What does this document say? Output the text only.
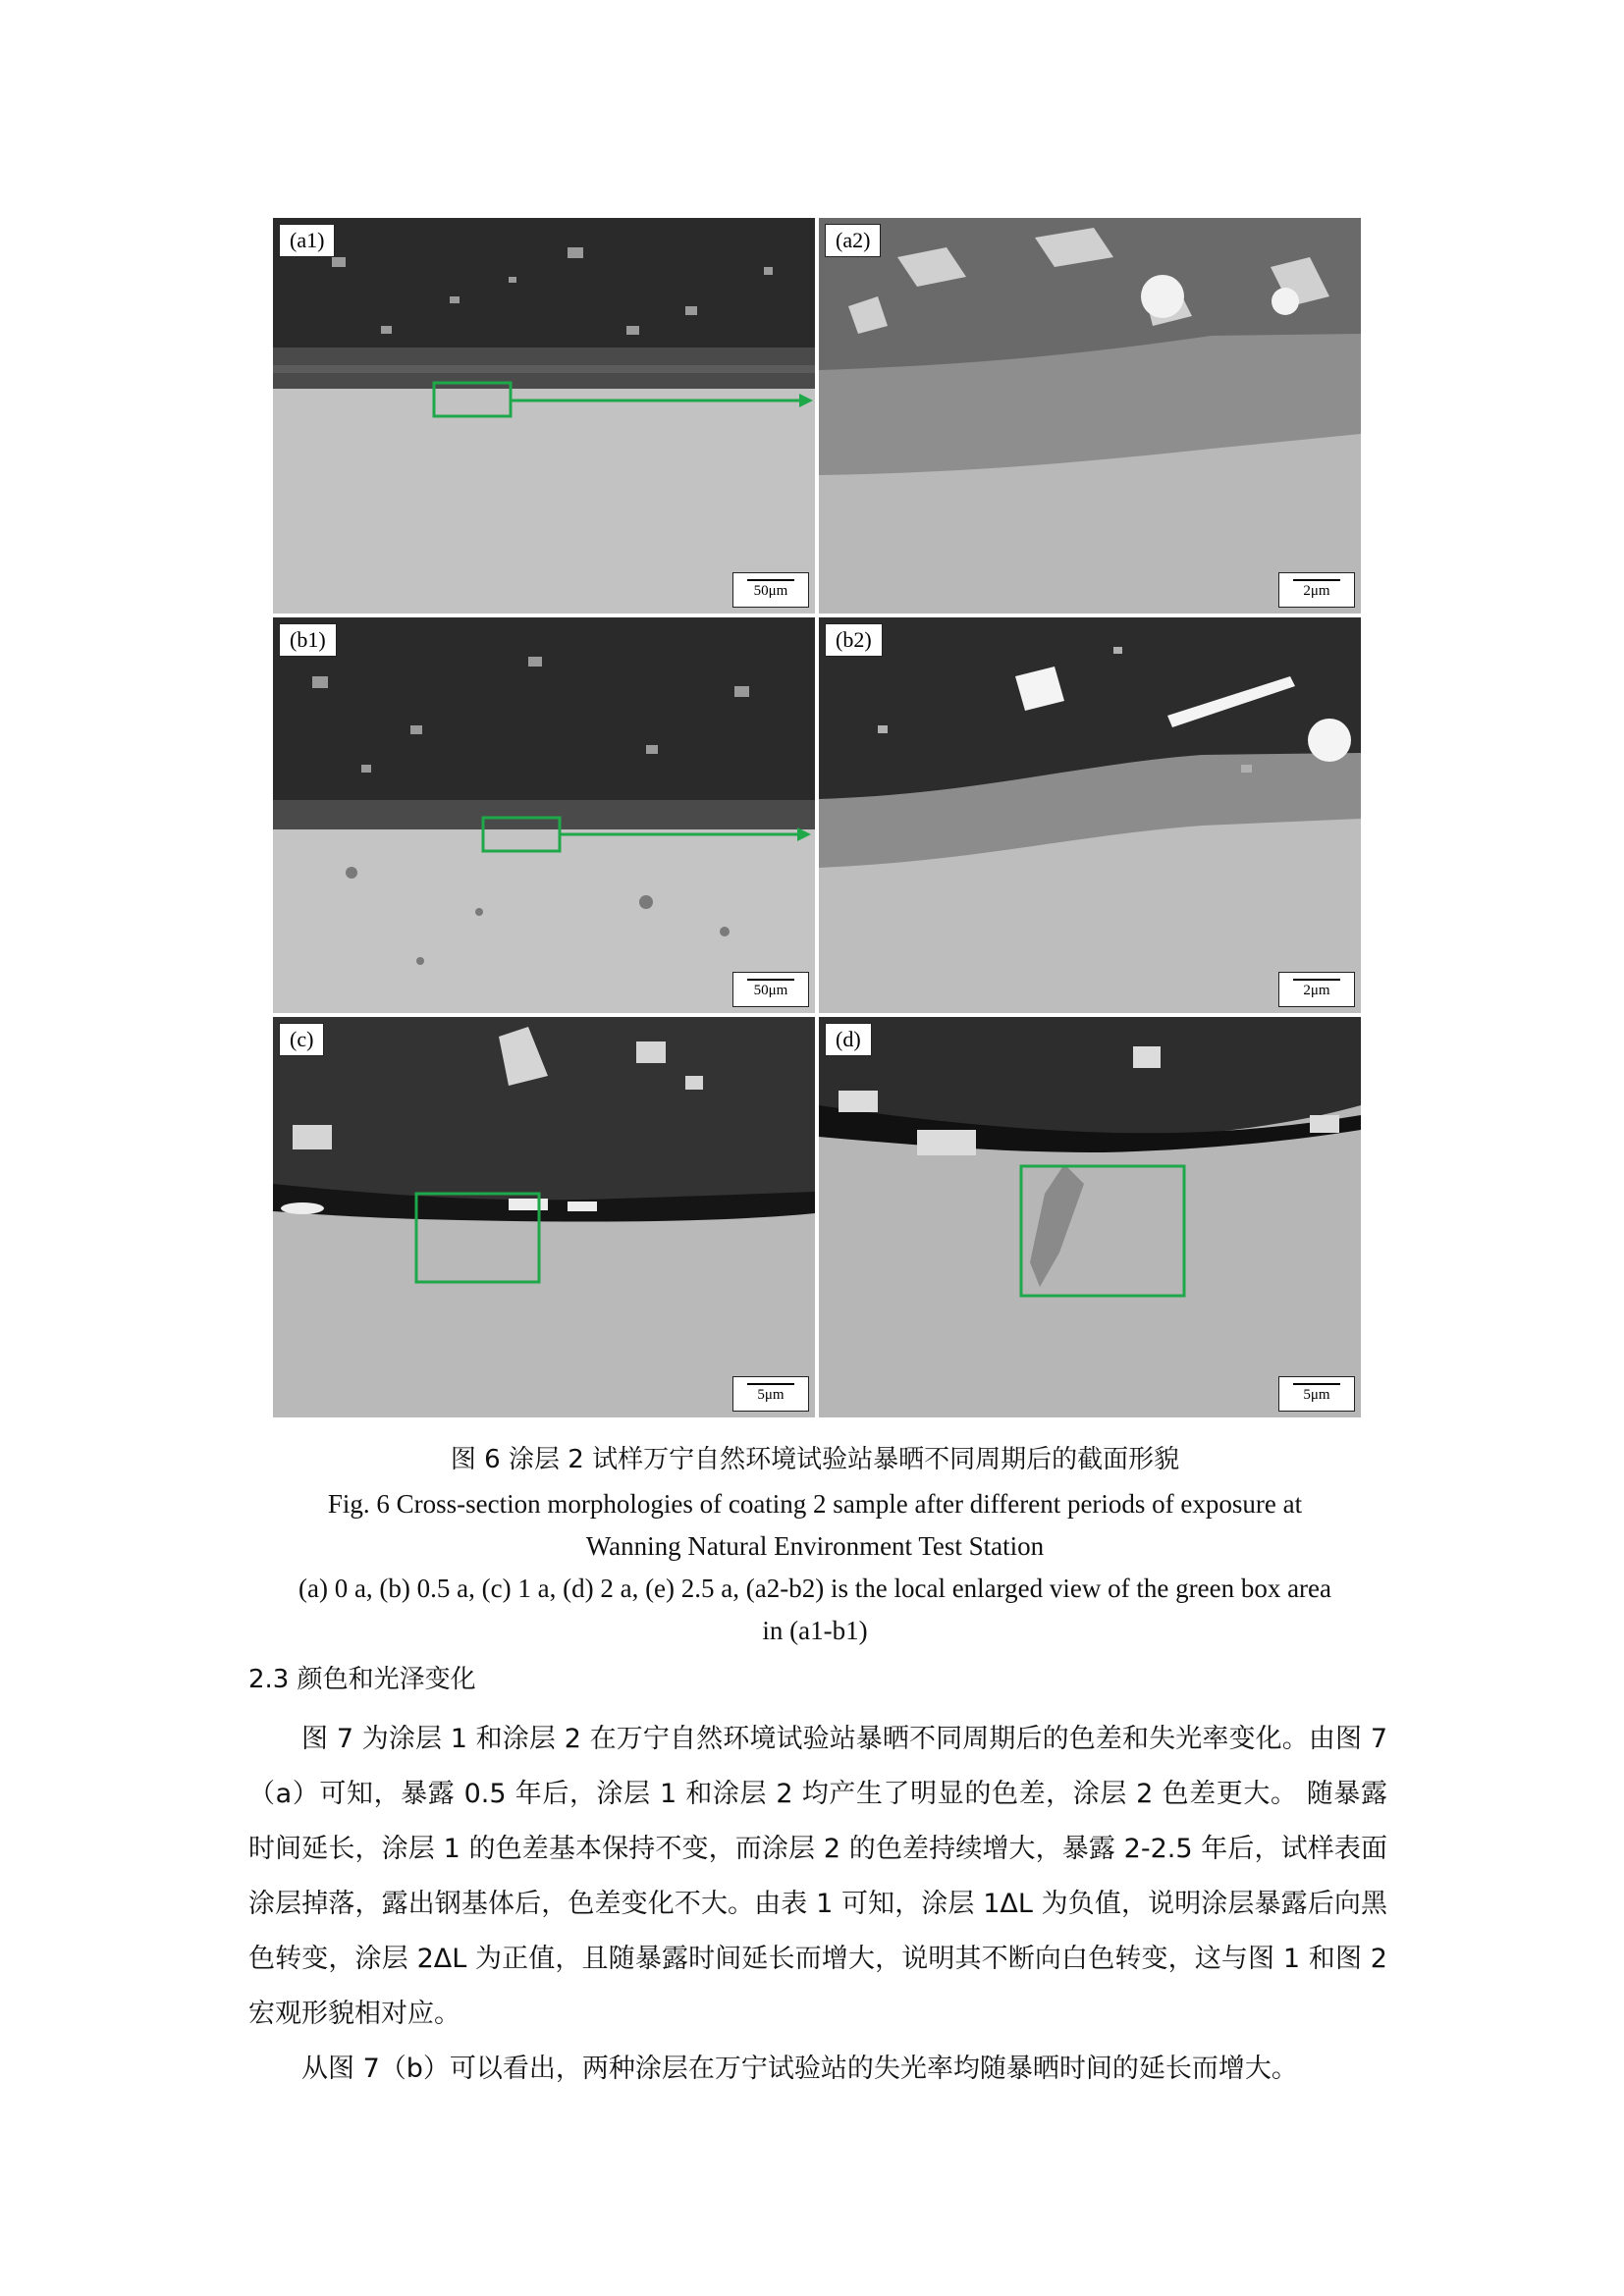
(a1)
50μm
(a2)
2μm
(b1)
50μm
(b2)
2μm
(c)
5μm
(d)
5μm
图 6 涂层 2 试样万宁自然环境试验站暴晒不同周期后的截面形貌
Fig. 6 Cross-section morphologies of coating 2 sample after different periods of exposure at
Wanning Natural Environment Test Station
(a) 0 a, (b) 0.5 a, (c) 1 a, (d) 2 a, (e) 2.5 a, (a2-b2) is the local enlarged view of the green box area
in (a1-b1)
2.3 颜色和光泽变化

图 7 为涂层 1 和涂层 2 在万宁自然环境试验站暴晒不同周期后的色差和失光率变化。由图 7（a）可知，暴露 0.5 年后，涂层 1 和涂层 2 均产生了明显的色差，涂层 2 色差更大。 随暴露时间延长，涂层 1 的色差基本保持不变，而涂层 2 的色差持续增大，暴露 2-2.5 年后，试样表面涂层掉落，露出钢基体后，色差变化不大。由表 1 可知，涂层 1ΔL 为负值，说明涂层暴露后向黑色转变，涂层 2ΔL 为正值，且随暴露时间延长而增大，说明其不断向白色转变，这与图 1 和图 2 宏观形貌相对应。

从图 7（b）可以看出，两种涂层在万宁试验站的失光率均随暴晒时间的延长而增大。
